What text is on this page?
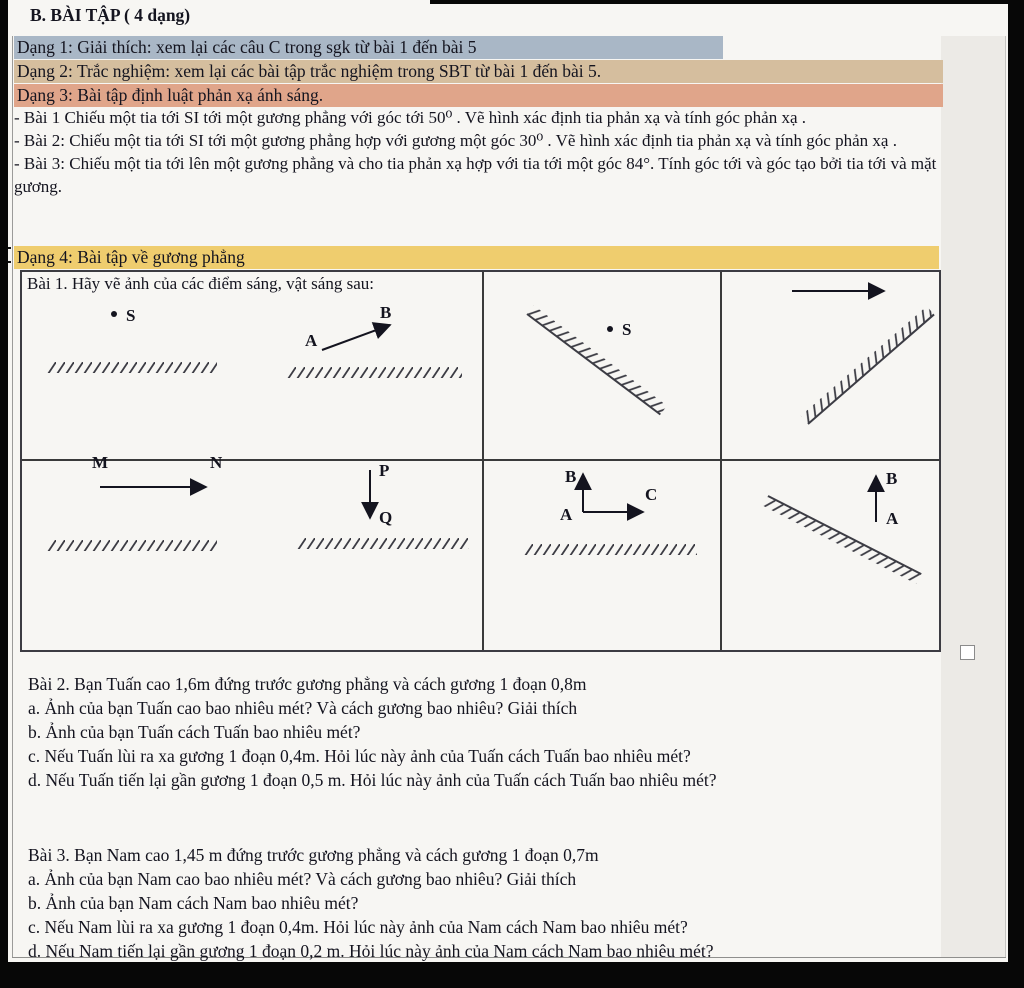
B. BÀI TẬP ( 4 dạng)
Dạng 1: Giải thích: xem lại các câu C trong sgk từ bài 1 đến bài 5
Dạng 2: Trắc nghiệm: xem lại các bài tập trắc nghiệm trong SBT từ bài 1 đến bài 5.
Dạng 3: Bài tập định luật phản xạ ánh sáng.

- Bài 1 Chiếu một tia tới SI tới một gương phẳng với góc tới 50⁰ . Vẽ hình xác định tia phản xạ và tính góc phản xạ .

- Bài 2: Chiếu một tia tới SI tới một gương phẳng hợp với gương một góc 30⁰ . Vẽ hình xác định tia phản xạ và tính góc phản xạ .

- Bài 3: Chiếu một tia tới lên một gương phẳng và cho tia phản xạ hợp với tia tới một góc 84°. Tính góc tới và góc tạo bởi tia tới và mặt gương.

Dạng 4: Bài tập về gương phẳng
Bài 1. Hãy vẽ ảnh của các điểm sáng, vật sáng sau:
S
A
B
S
M	N	P
Q
B
A
C
B
A

Bài 2. Bạn Tuấn cao 1,6m đứng trước gương phẳng và cách gương 1 đoạn 0,8m

a. Ảnh của bạn Tuấn cao bao nhiêu mét? Và cách gương bao nhiêu? Giải thích

b. Ảnh của bạn Tuấn cách Tuấn bao nhiêu mét?

c. Nếu Tuấn lùi ra xa gương 1 đoạn 0,4m. Hỏi lúc này ảnh của Tuấn cách Tuấn bao nhiêu mét?

d. Nếu Tuấn tiến lại gần gương 1 đoạn 0,5 m. Hỏi lúc này ảnh của Tuấn cách Tuấn bao nhiêu mét?

Bài 3. Bạn Nam cao 1,45 m đứng trước gương phẳng và cách gương 1 đoạn 0,7m

a. Ảnh của bạn Nam cao bao nhiêu mét? Và cách gương bao nhiêu? Giải thích

b. Ảnh của bạn Nam cách Nam bao nhiêu mét?

c. Nếu Nam lùi ra xa gương 1 đoạn 0,4m. Hỏi lúc này ảnh của Nam cách Nam bao nhiêu mét?

d. Nếu Nam tiến lại gần gương 1 đoạn 0,2 m. Hỏi lúc này ảnh của Nam cách Nam bao nhiêu mét?
